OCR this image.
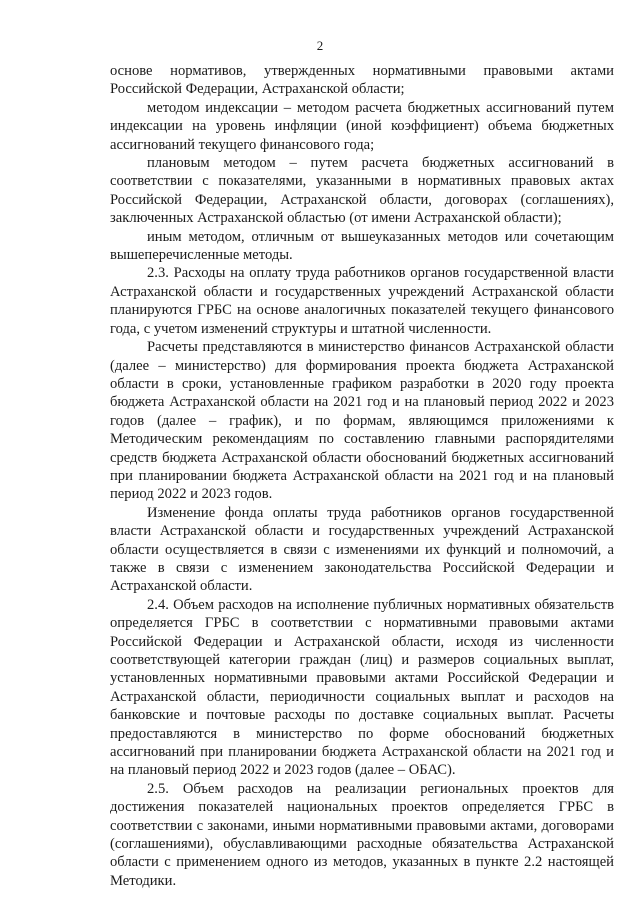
2

основе нормативов, утвержденных нормативными правовыми актами Российской Федерации, Астраханской области;

методом индексации – методом расчета бюджетных ассигнований путем индексации на уровень инфляции (иной коэффициент) объема бюджетных ассигнований текущего финансового года;

плановым методом – путем расчета бюджетных ассигнований в соответствии с показателями, указанными в нормативных правовых актах Российской Федерации, Астраханской области, договорах (соглашениях), заключенных Астраханской областью (от имени Астраханской области);

иным методом, отличным от вышеуказанных методов или сочетающим вышеперечисленные методы.

2.3. Расходы на оплату труда работников органов государственной власти Астраханской области и государственных учреждений Астраханской области планируются ГРБС на основе аналогичных показателей текущего финансового года, с учетом изменений структуры и штатной численности.

Расчеты представляются в министерство финансов Астраханской области (далее – министерство) для формирования проекта бюджета Астраханской области в сроки, установленные графиком разработки в 2020 году проекта бюджета Астраханской области на 2021 год и на плановый период 2022 и 2023 годов (далее – график), и по формам, являющимся приложениями к Методическим рекомендациям по составлению главными распорядителями средств бюджета Астраханской области обоснований бюджетных ассигнований при планировании бюджета Астраханской области на 2021 год и на плановый период 2022 и 2023 годов.

Изменение фонда оплаты труда работников органов государственной власти Астраханской области и государственных учреждений Астраханской области осуществляется в связи с изменениями их функций и полномочий, а также в связи с изменением законодательства Российской Федерации и Астраханской области.

2.4. Объем расходов на исполнение публичных нормативных обязательств определяется ГРБС в соответствии с нормативными правовыми актами Российской Федерации и Астраханской области, исходя из численности соответствующей категории граждан (лиц) и размеров социальных выплат, установленных нормативными правовыми актами Российской Федерации и Астраханской области, периодичности социальных выплат и расходов на банковские и почтовые расходы по доставке социальных выплат. Расчеты предоставляются в министерство по форме обоснований бюджетных ассигнований при планировании бюджета Астраханской области на 2021 год и на плановый период 2022 и 2023 годов (далее – ОБАС).

2.5. Объем расходов на реализации региональных проектов для достижения показателей национальных проектов определяется ГРБС в соответствии с законами, иными нормативными правовыми актами, договорами (соглашениями), обуславливающими расходные обязательства Астраханской области с применением одного из методов, указанных в пункте 2.2 настоящей Методики.
